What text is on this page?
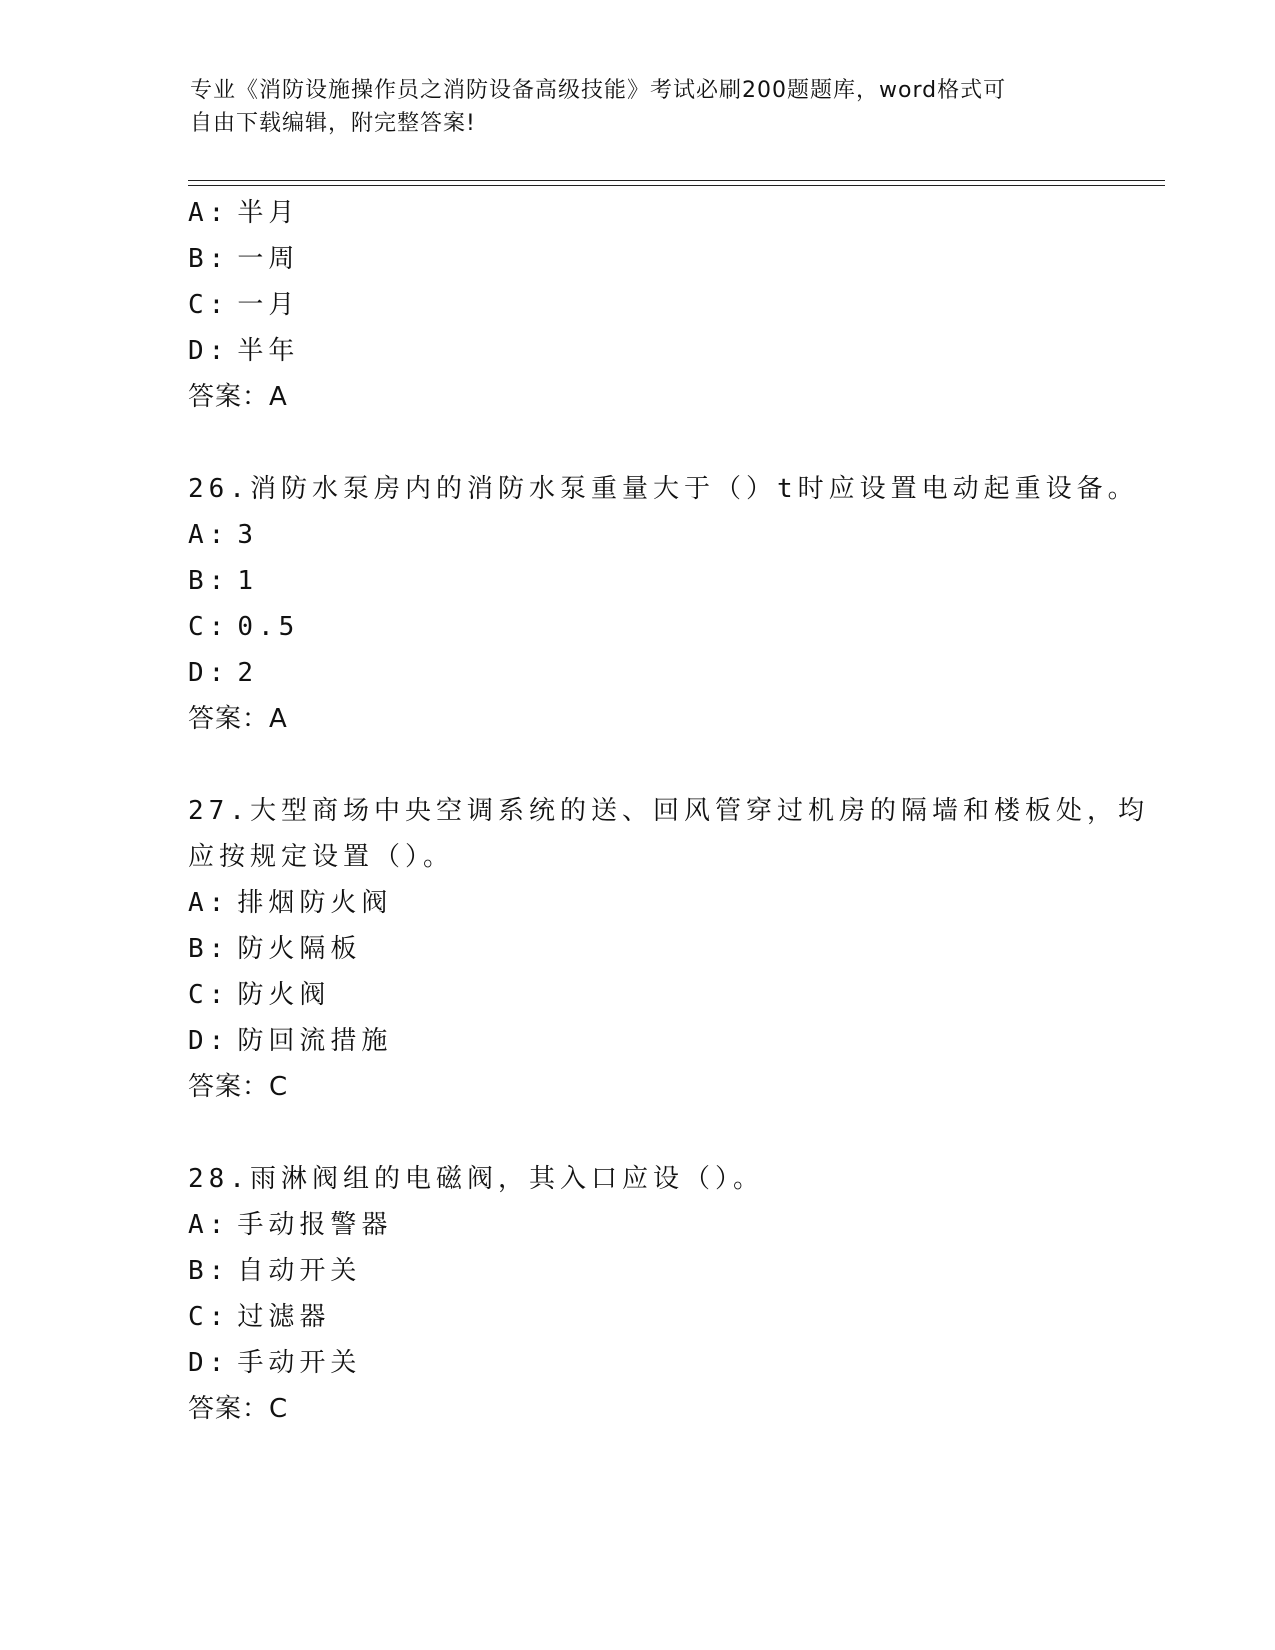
专业《消防设施操作员之消防设备高级技能》考试必刷200题题库，word格式可
自由下载编辑，附完整答案!

A: 半月

B: 一周

C: 一月

D: 半年

答案：A

26.消防水泵房内的消防水泵重量大于（）t时应设置电动起重设备。

A: 3

B: 1

C: 0.5

D: 2

答案：A

27.大型商场中央空调系统的送、回风管穿过机房的隔墙和楼板处，均
应按规定设置（）。

A: 排烟防火阀

B: 防火隔板

C: 防火阀

D: 防回流措施

答案：C

28.雨淋阀组的电磁阀，其入口应设（）。

A: 手动报警器

B: 自动开关

C: 过滤器

D: 手动开关

答案：C
